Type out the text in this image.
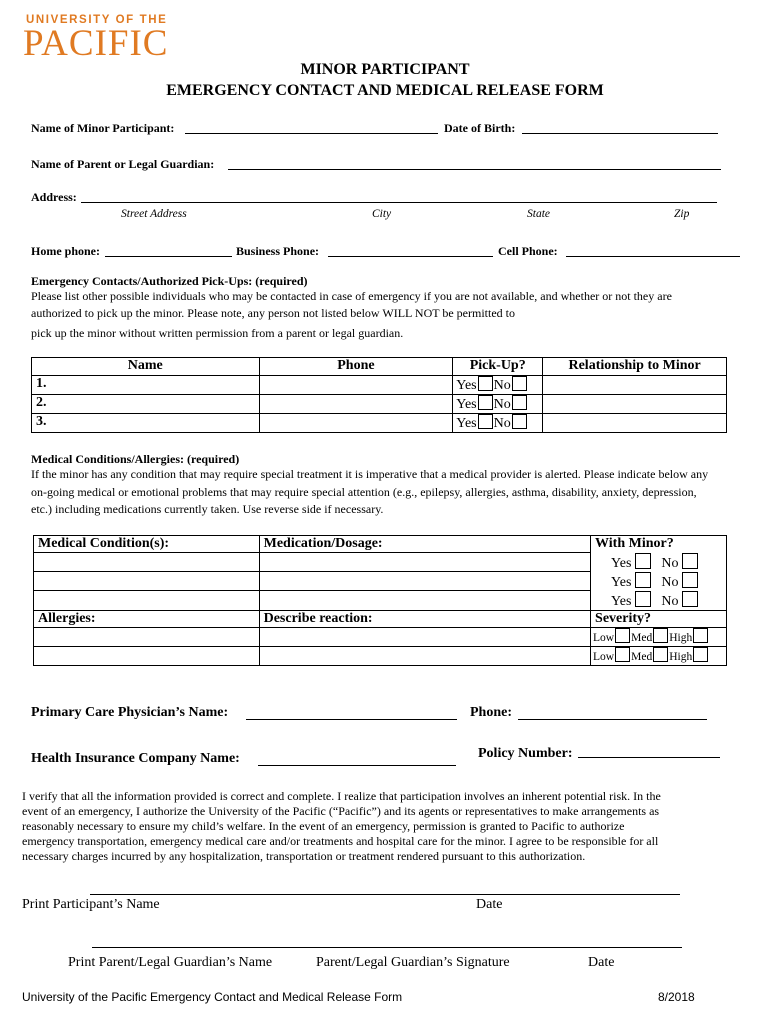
UNIVERSITY OF THE
PACIFIC
MINOR PARTICIPANT
EMERGENCY CONTACT AND MEDICAL RELEASE FORM
Name of Minor Participant:	Date of Birth:
Name of Parent or Legal Guardian:
Address:
Street Address	City	State	Zip
Home phone:	Business Phone:	Cell Phone:
Emergency Contacts/Authorized Pick-Ups: (required)
Please list other possible individuals who may be contacted in case of emergency if you are not available, and whether or not they are
authorized to pick up the minor. Please note, any person not listed below WILL NOT be permitted to
pick up the minor without written permission from a parent or legal guardian.
Name	Phone	Pick-Up?	Relationship to Minor
1.		Yes No	
2.		Yes No	
3.		Yes No	
Medical Conditions/Allergies: (required)
If the minor has any condition that may require special treatment it is imperative that a medical provider is alerted. Please indicate below any
on-going medical or emotional problems that may require special attention (e.g., epilepsy, allergies, asthma, disability, anxiety, depression,
etc.) including medications currently taken. Use reverse side if necessary.
Medical Condition(s):	Medication/Dosage:	With Minor?
		Yes No
		Yes No
		Yes No
Allergies:	Describe reaction:	Severity?
		Low Med High
		Low Med High
Primary Care Physician’s Name:	Phone:
Health Insurance Company Name:	Policy Number:
I verify that all the information provided is correct and complete. I realize that participation involves an inherent potential risk. In the
event of an emergency, I authorize the University of the Pacific (“Pacific”) and its agents or representatives to make arrangements as
reasonably necessary to ensure my child’s welfare. In the event of an emergency, permission is granted to Pacific to authorize
emergency transportation, emergency medical care and/or treatments and hospital care for the minor. I agree to be responsible for all
necessary charges incurred by any hospitalization, transportation or treatment rendered pursuant to this authorization.
Print Participant’s Name	Date
Print Parent/Legal Guardian’s Name	Parent/Legal Guardian’s Signature	Date
University of the Pacific Emergency Contact and Medical Release Form	8/2018
